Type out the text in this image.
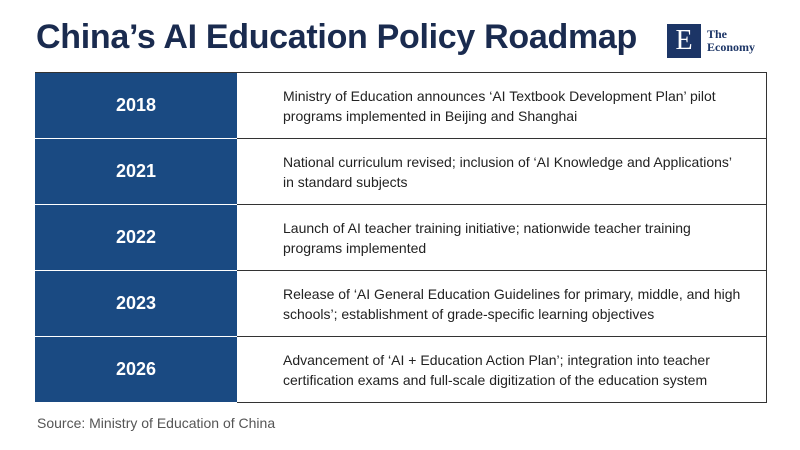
China’s AI Education Policy Roadmap	E	The
Economy
2018	Ministry of Education announces ‘AI Textbook Development Plan’ pilot programs implemented in Beijing and Shanghai
2021	National curriculum revised; inclusion of ‘AI Knowledge and Applications’ in standard subjects
2022	Launch of AI teacher training initiative; nationwide teacher training programs implemented
2023	Release of ‘AI General Education Guidelines for primary, middle, and high schools’; establishment of grade-specific learning objectives
2026	Advancement of ‘AI + Education Action Plan’; integration into teacher certification exams and full-scale digitization of the education system
Source: Ministry of Education of China
